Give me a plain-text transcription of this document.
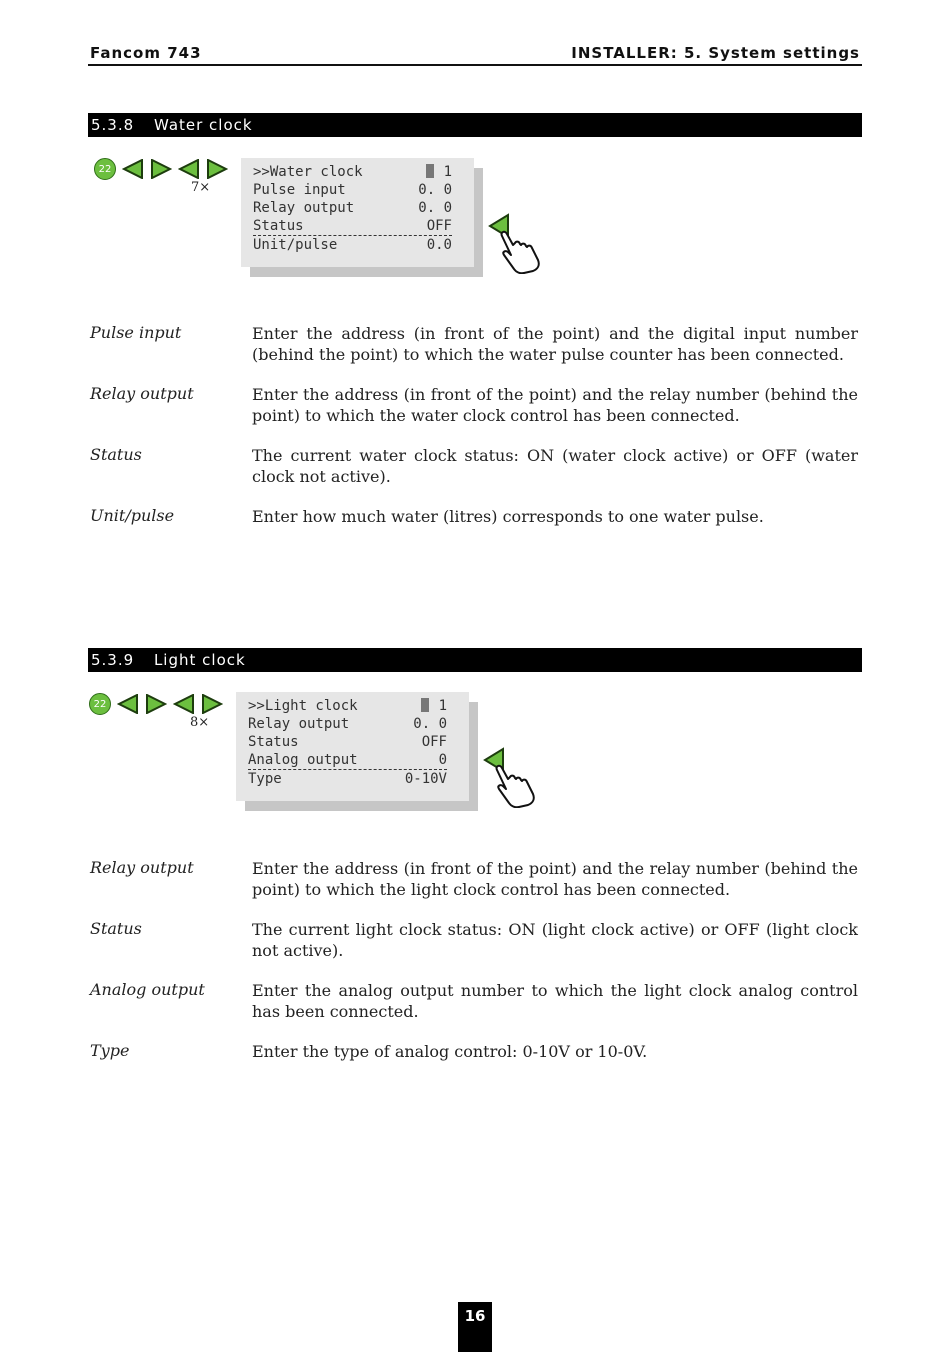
Fancom 743	INSTALLER: 5. System settings
5.3.8 Water clock
22
7×
>>Water clock	1
Pulse input	0. 0
Relay output	0. 0
Status	OFF
Unit/pulse	0.0
Pulse input	Enter the address (in front of the point) and the digital input number (behind the point) to which the water pulse counter has been connected.
Relay output	Enter the address (in front of the point) and the relay number (behind the point) to which the water clock control has been connected.
Status	The current water clock status: ON (water clock active) or OFF (water clock not active).
Unit/pulse	Enter how much water (litres) corresponds to one water pulse.
5.3.9 Light clock
22
8×
>>Light clock	1
Relay output	0. 0
Status	OFF
Analog output	0
Type	0-10V
Relay output	Enter the address (in front of the point) and the relay number (behind the point) to which the light clock control has been connected.
Status	The current light clock status: ON (light clock active) or OFF (light clock not active).
Analog output	Enter the analog output number to which the light clock analog control has been connected.
Type	Enter the type of analog control: 0-10V or 10-0V.
16
